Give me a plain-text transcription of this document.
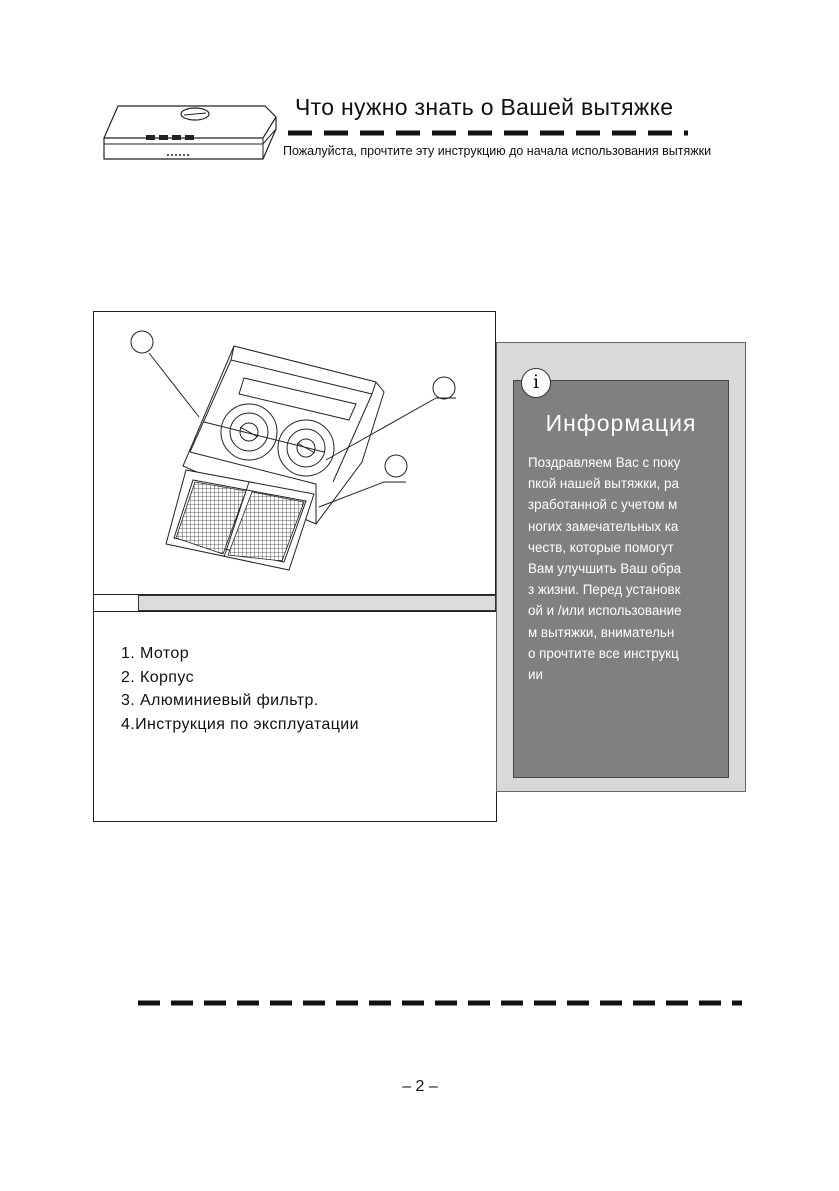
Что нужно знать о Вашей вытяжке
Пожалуйста, прочтите эту инструкцию до начала использования вытяжки
1. Мотор
2. Корпус
3. Алюминиевый фильтр.
4.Инструкция по эксплуатации
i
Информация
Поздравляем Вас с поку
пкой нашей вытяжки, ра
зработанной с учетом м
ногих замечательных ка
честв, которые помогут
Вам улучшить Ваш обра
з жизни. Перед установк
ой и /или использование
м вытяжки, внимательн
о прочтите все инструкц
ии
– 2 –
